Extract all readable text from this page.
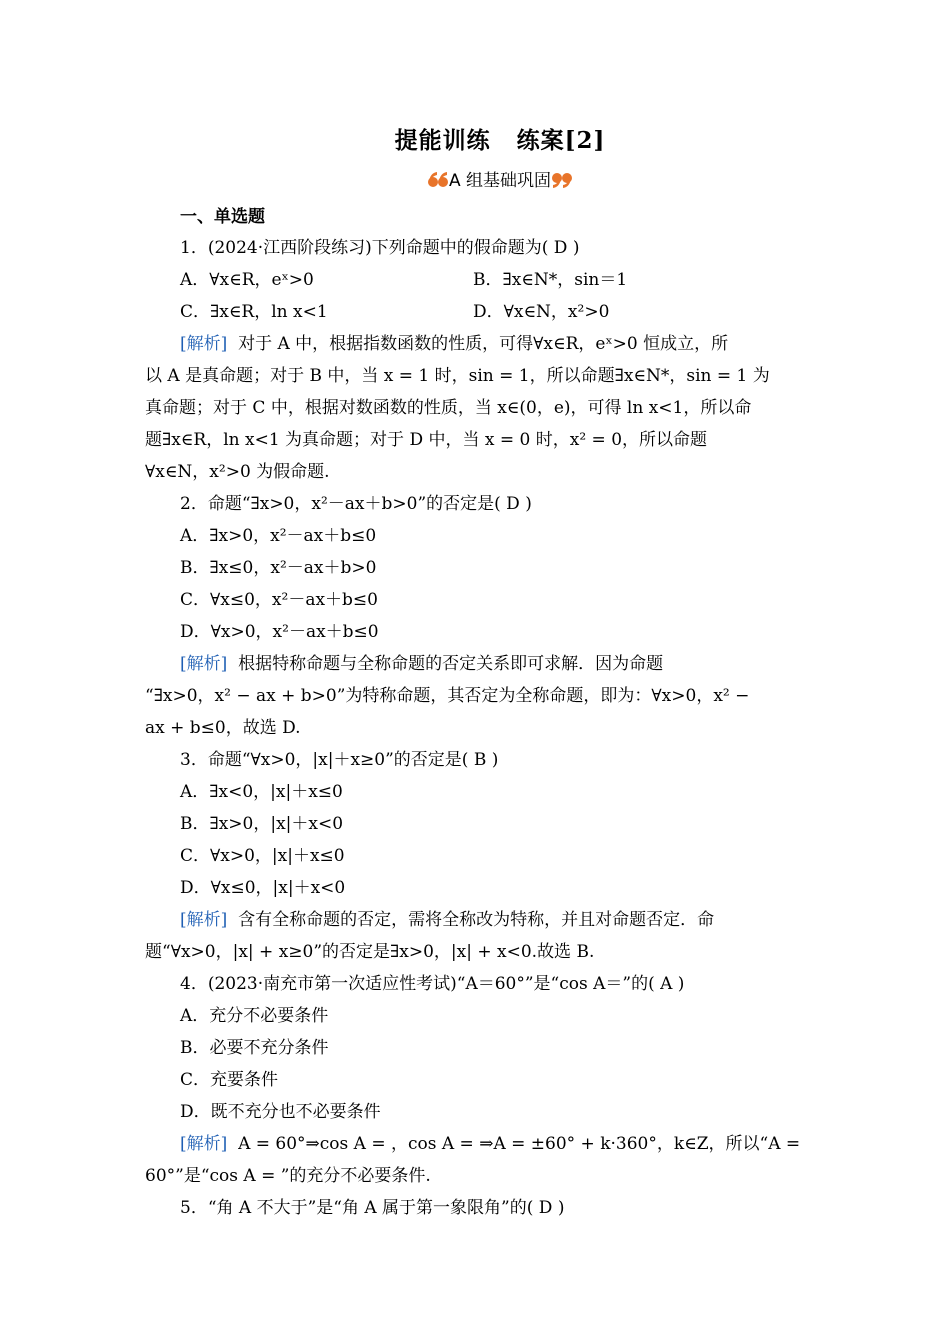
提能训练 练案[2]
A 组基础巩固
一、单选题
1．(2024·江西阶段练习)下列命题中的假命题为( D )
A．∀x∈R，eˣ>0	B．∃x∈N*，sin＝1
C．∃x∈R，ln x<1	D．∀x∈N，x²>0
[解析] 对于 A 中，根据指数函数的性质，可得∀x∈R，eˣ>0 恒成立，所
以 A 是真命题；对于 B 中，当 x = 1 时，sin = 1，所以命题∃x∈N*，sin = 1 为
真命题；对于 C 中，根据对数函数的性质，当 x∈(0，e)，可得 ln x<1，所以命
题∃x∈R，ln x<1 为真命题；对于 D 中，当 x = 0 时，x² = 0，所以命题
∀x∈N，x²>0 为假命题.
2．命题“∃x>0，x²－ax＋b>0”的否定是( D )
A．∃x>0，x²－ax＋b≤0
B．∃x≤0，x²－ax＋b>0
C．∀x≤0，x²－ax＋b≤0
D．∀x>0，x²－ax＋b≤0
[解析] 根据特称命题与全称命题的否定关系即可求解．因为命题
“∃x>0，x² − ax + b>0”为特称命题，其否定为全称命题，即为：∀x>0，x² −
ax + b≤0，故选 D.
3．命题“∀x>0，|x|＋x≥0”的否定是( B )
A．∃x<0，|x|＋x≤0
B．∃x>0，|x|＋x<0
C．∀x>0，|x|＋x≤0
D．∀x≤0，|x|＋x<0
[解析] 含有全称命题的否定，需将全称改为特称，并且对命题否定．命
题“∀x>0，|x| + x≥0”的否定是∃x>0，|x| + x<0.故选 B.
4．(2023·南充市第一次适应性考试)“A＝60°”是“cos A＝”的( A )
A．充分不必要条件
B．必要不充分条件
C．充要条件
D．既不充分也不必要条件
[解析] A = 60°⇒cos A = ，cos A = ⇒A = ±60° + k·360°，k∈Z，所以“A =
60°”是“cos A = ”的充分不必要条件.
5．“角 A 不大于”是“角 A 属于第一象限角”的( D )
